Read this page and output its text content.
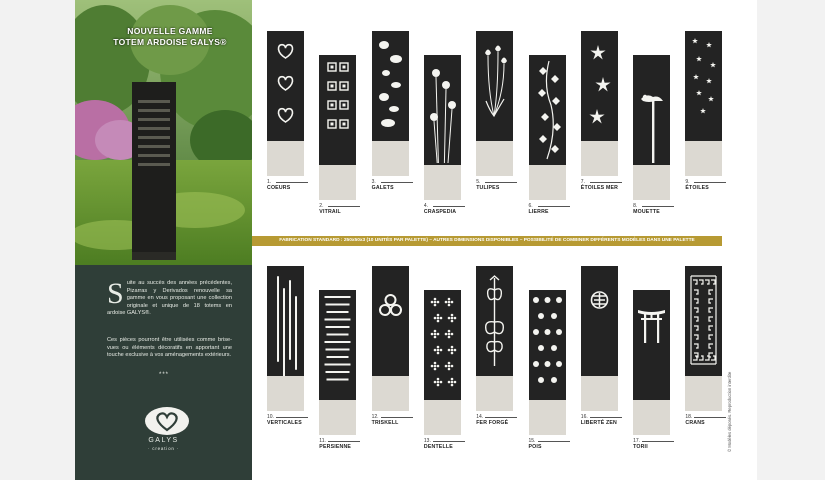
NOUVELLE GAMME
TOTEM ARDOISE GALYS®
Suite au succès des années précédentes, Pizarras y Derivados renouvelle sa gamme en vous proposant une collection originale et unique de 18 totems en ardoise GALYS®.
Ces pièces pourront être utilisées comme brise-vues ou éléments décoratifs en apportant une touche exclusive à vos aménagements extérieurs.
***
GALYS
· creation ·
FABRICATION STANDARD : 250x50x3 (10 UNITÉS PAR PALETTE) – AUTRES DIMENSIONS DISPONIBLES – POSSIBILITÉ DE COMBINER DIFFÉRENTS MODÈLES DANS UNE PALETTE
© Modèles déposés. Reproduction interdite
1.
COEURS
2.
VITRAIL
3.
GALETS
4.
CRASPEDIA
5.
TULIPES
6.
LIERRE
7.
ÉTOILES MER
8.
MOUETTE
9.
ÉTOILES
10.
VERTICALES
11.
PERSIENNE
12.
TRISKELL
13.
DENTELLE
14.
FER FORGÉ
15.
POIS
16.
LIBERTÉ ZEN
17.
TORII
18.
CRANS
